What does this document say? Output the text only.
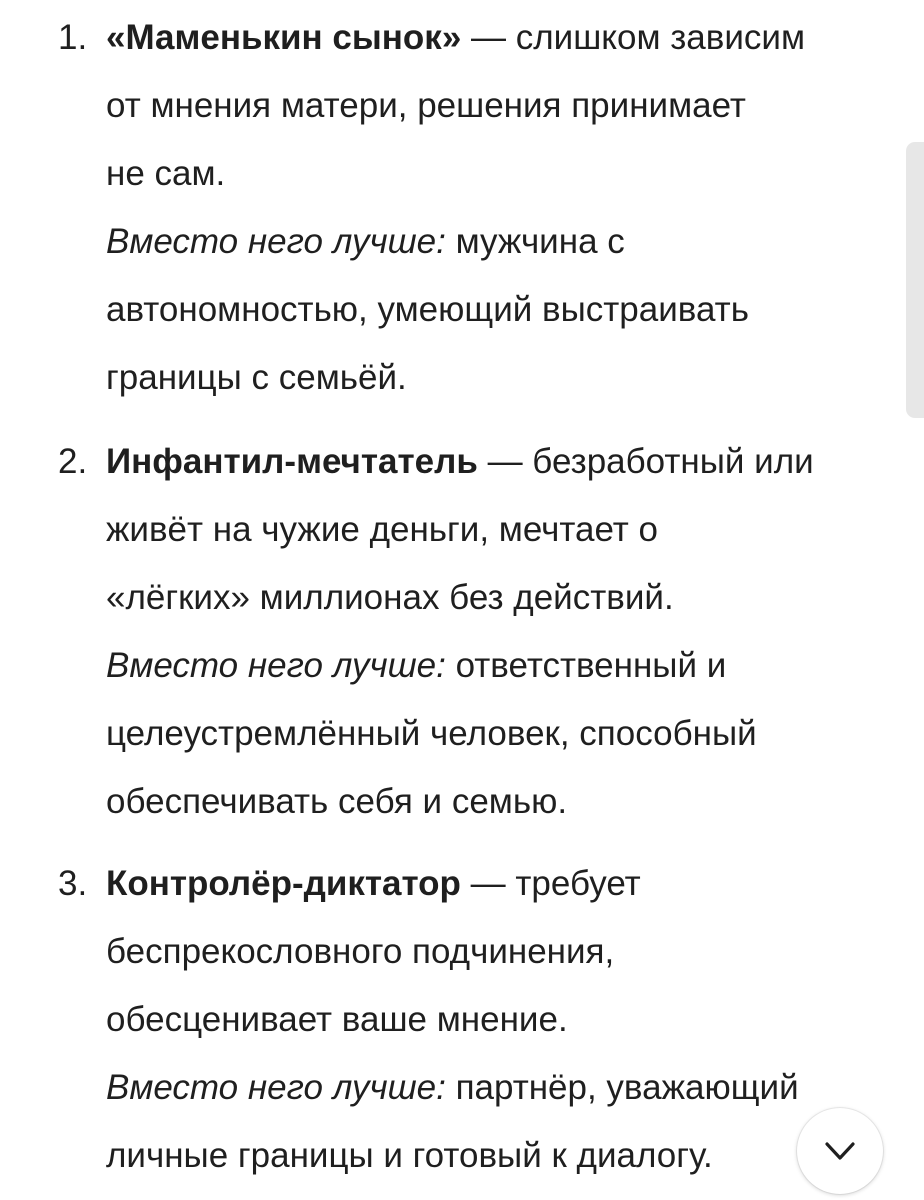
1. «Маменькин сынок» — слишком зависим
от мнения матери, решения принимает
не сам.
Вместо него лучше: мужчина с
автономностью, умеющий выстраивать
границы с семьёй.
2. Инфантил-мечтатель — безработный или
живёт на чужие деньги, мечтает о
«лёгких» миллионах без действий.
Вместо него лучше: ответственный и
целеустремлённый человек, способный
обеспечивать себя и семью.
3. Контролёр-диктатор — требует
беспрекословного подчинения,
обесценивает ваше мнение.
Вместо него лучше: партнёр, уважающий
личные границы и готовый к диалогу.
